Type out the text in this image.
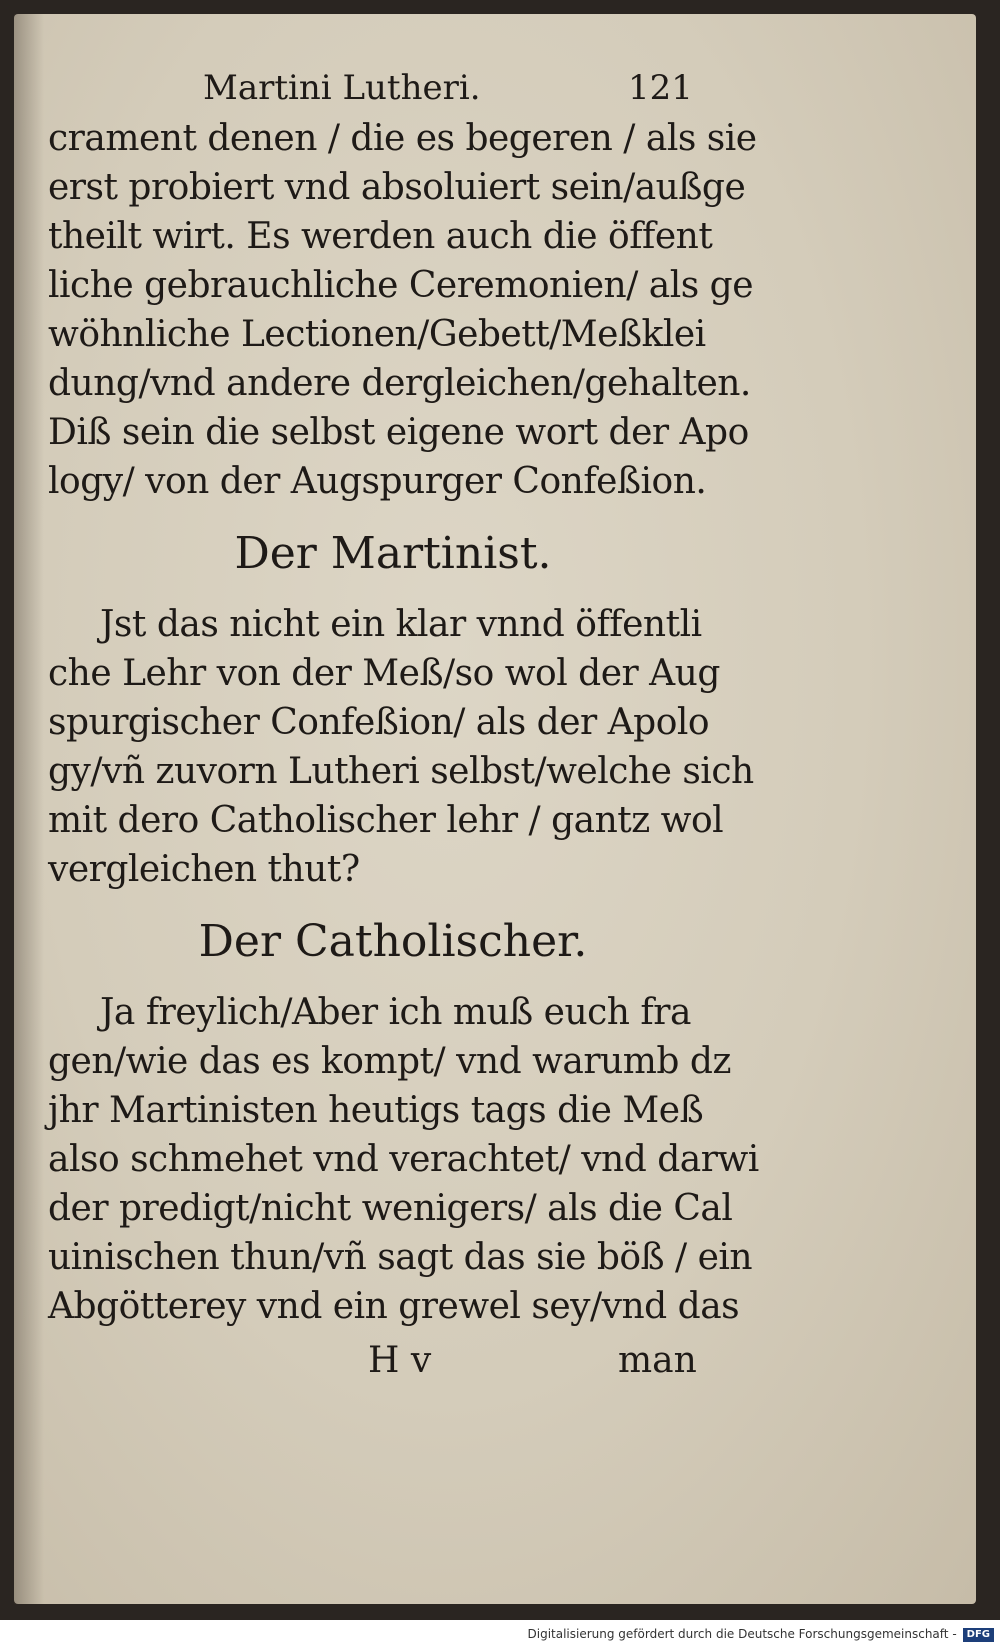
Martini Lutheri.	121
crament denen / die es begeren / als sie
erst probiert vnd absoluiert sein/außge
theilt wirt. Es werden auch die öffent
liche gebrauchliche Ceremonien/ als ge
wöhnliche Lectionen/Gebett/Meßklei
dung/vnd andere dergleichen/gehalten.
Diß sein die selbst eigene wort der Apo
logy/ von der Augspurger Confeßion.
Der Martinist.
Jst das nicht ein klar vnnd öffentli
che Lehr von der Meß/so wol der Aug
spurgischer Confeßion/ als der Apolo
gy/vñ zuvorn Lutheri selbst/welche sich
mit dero Catholischer lehr / gantz wol
vergleichen thut?
Der Catholischer.
Ja freylich/Aber ich muß euch fra
gen/wie das es kompt/ vnd warumb dz
jhr Martinisten heutigs tags die Meß
also schmehet vnd verachtet/ vnd darwi
der predigt/nicht wenigers/ als die Cal
uinischen thun/vñ sagt das sie böß / ein
Abgötterey vnd ein grewel sey/vnd das
H v	man
Digitalisierung gefördert durch die Deutsche Forschungsgemeinschaft - DFG
